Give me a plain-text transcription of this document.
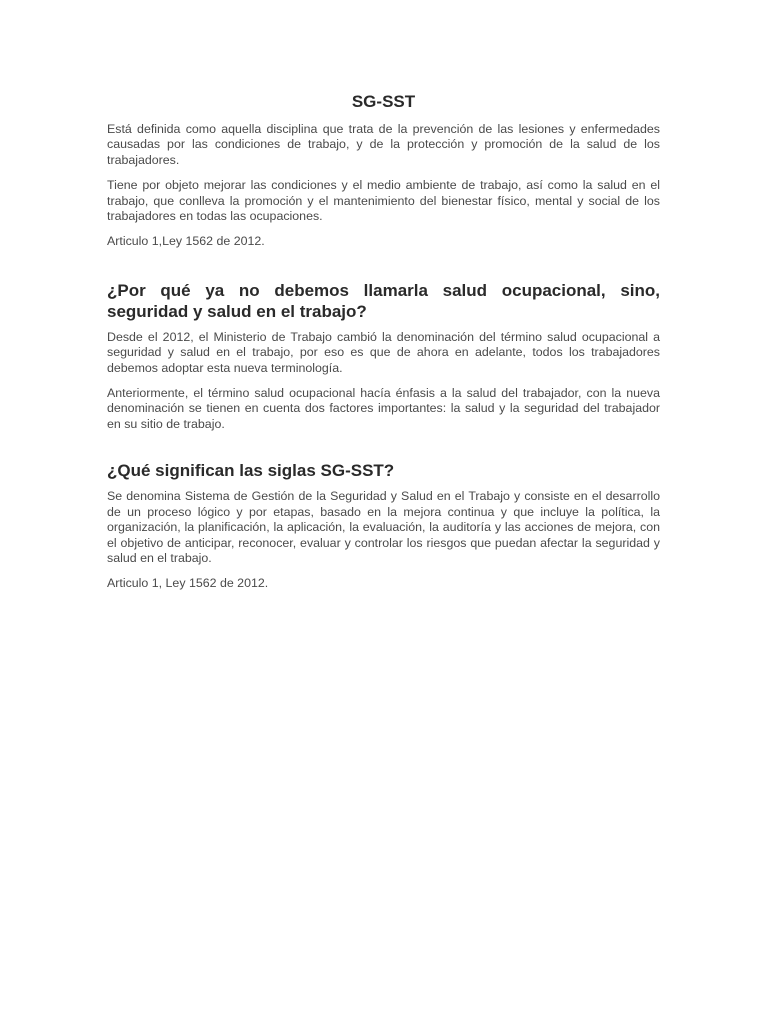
SG-SST

Está definida como aquella disciplina que trata de la prevención de las lesiones y enfermedades causadas por las condiciones de trabajo, y de la protección y promoción de la salud de los trabajadores.

Tiene por objeto mejorar las condiciones y el medio ambiente de trabajo, así como la salud en el trabajo, que conlleva la promoción y el mantenimiento del bienestar físico, mental y social de los trabajadores en todas las ocupaciones.

Articulo 1,Ley 1562 de 2012.

¿Por qué ya no debemos llamarla salud ocupacional, sino, seguridad y salud en el trabajo?

Desde el 2012, el Ministerio de Trabajo cambió la denominación del término salud ocupacional a seguridad y salud en el trabajo, por eso es que de ahora en adelante, todos los trabajadores debemos adoptar esta nueva terminología.

Anteriormente, el término salud ocupacional hacía énfasis a la salud del trabajador, con la nueva denominación se tienen en cuenta dos factores importantes: la salud y la seguridad del trabajador en su sitio de trabajo.

¿Qué significan las siglas SG-SST?

Se denomina Sistema de Gestión de la Seguridad y Salud en el Trabajo y consiste en el desarrollo de un proceso lógico y por etapas, basado en la mejora continua y que incluye la política, la organización, la planificación, la aplicación, la evaluación, la auditoría y las acciones de mejora, con el objetivo de anticipar, reconocer, evaluar y controlar los riesgos que puedan afectar la seguridad y salud en el trabajo.

Articulo 1, Ley 1562 de 2012.
